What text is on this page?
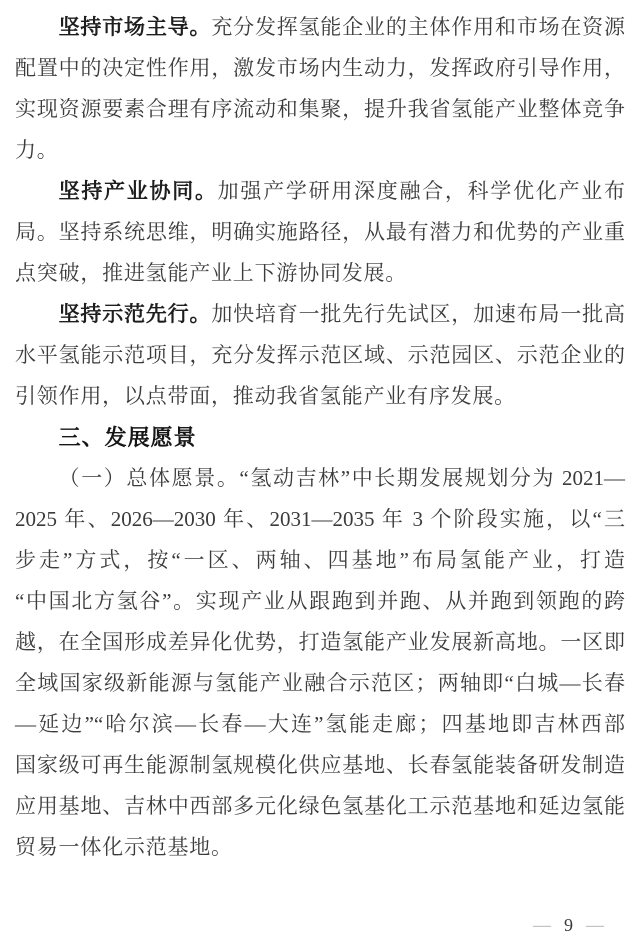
坚持市场主导。充分发挥氢能企业的主体作用和市场在资源
配置中的决定性作用，激发市场内生动力，发挥政府引导作用，
实现资源要素合理有序流动和集聚，提升我省氢能产业整体竞争
力。
坚持产业协同。加强产学研用深度融合，科学优化产业布
局。坚持系统思维，明确实施路径，从最有潜力和优势的产业重
点突破，推进氢能产业上下游协同发展。
坚持示范先行。加快培育一批先行先试区，加速布局一批高
水平氢能示范项目，充分发挥示范区域、示范园区、示范企业的
引领作用，以点带面，推动我省氢能产业有序发展。
三、发展愿景
（一）总体愿景。“氢动吉林”中长期发展规划分为 2021—
2025 年、2026—2030 年、2031—2035 年 3 个阶段实施，以“三
步走”方式，按“一区、两轴、四基地”布局氢能产业，打造
“中国北方氢谷”。实现产业从跟跑到并跑、从并跑到领跑的跨
越，在全国形成差异化优势，打造氢能产业发展新高地。一区即
全域国家级新能源与氢能产业融合示范区；两轴即“白城—长春
—延边”“哈尔滨—长春—大连”氢能走廊；四基地即吉林西部
国家级可再生能源制氢规模化供应基地、长春氢能装备研发制造
应用基地、吉林中西部多元化绿色氢基化工示范基地和延边氢能
贸易一体化示范基地。
— 9 —
